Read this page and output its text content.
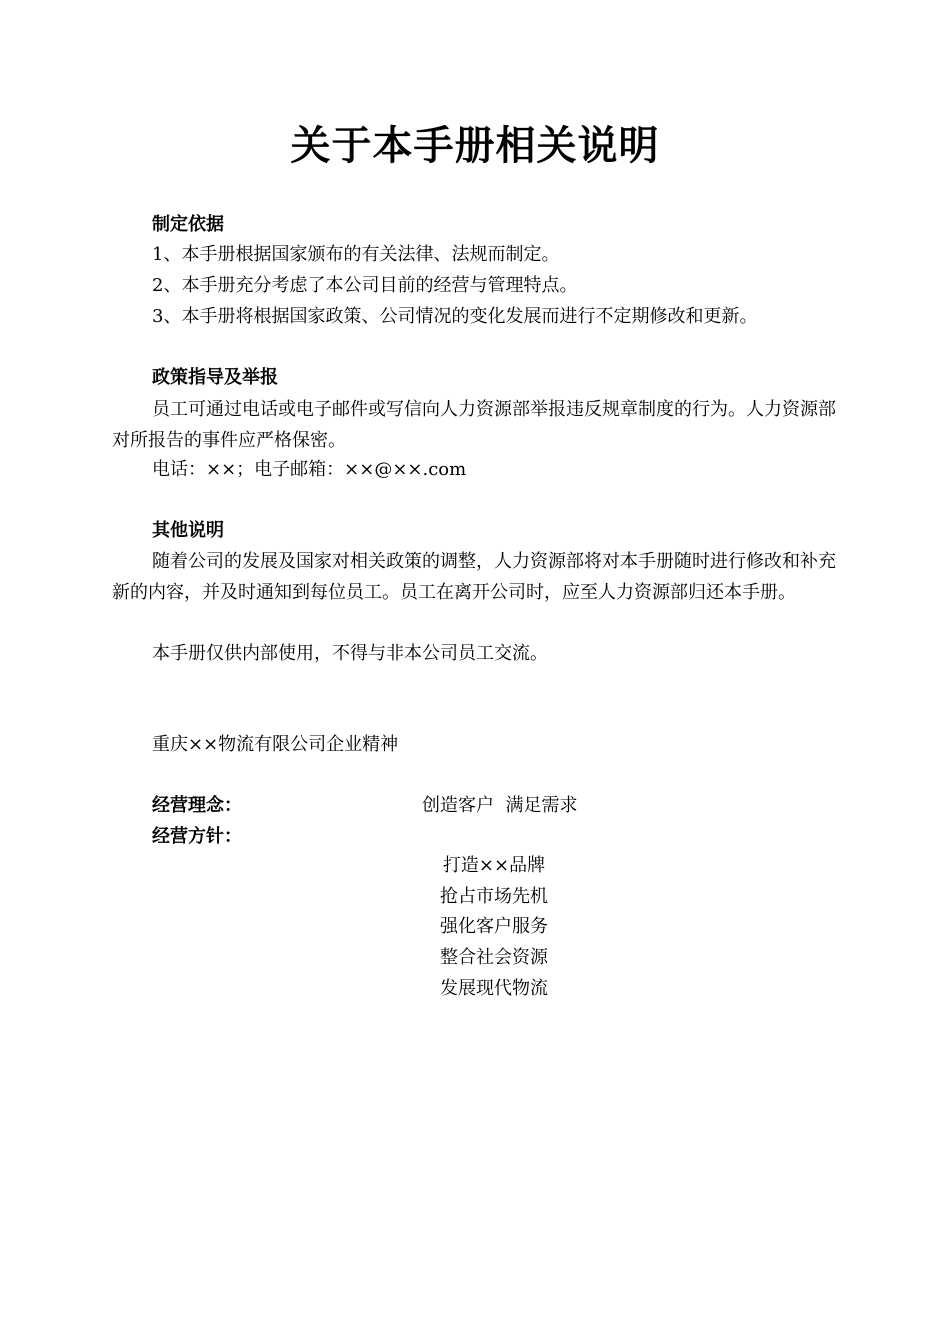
关于本手册相关说明
制定依据
1、本手册根据国家颁布的有关法律、法规而制定。
2、本手册充分考虑了本公司目前的经营与管理特点。
3、本手册将根据国家政策、公司情况的变化发展而进行不定期修改和更新。
政策指导及举报
员工可通过电话或电子邮件或写信向人力资源部举报违反规章制度的行为。人力资源部对所报告的事件应严格保密。
电话：××；电子邮箱：××@××.com
其他说明
随着公司的发展及国家对相关政策的调整，人力资源部将对本手册随时进行修改和补充新的内容，并及时通知到每位员工。员工在离开公司时，应至人力资源部归还本手册。
本手册仅供内部使用，不得与非本公司员工交流。
重庆××物流有限公司企业精神
经营理念：	创造客户  满足需求
经营方针：
打造××品牌
抢占市场先机
强化客户服务
整合社会资源
发展现代物流
